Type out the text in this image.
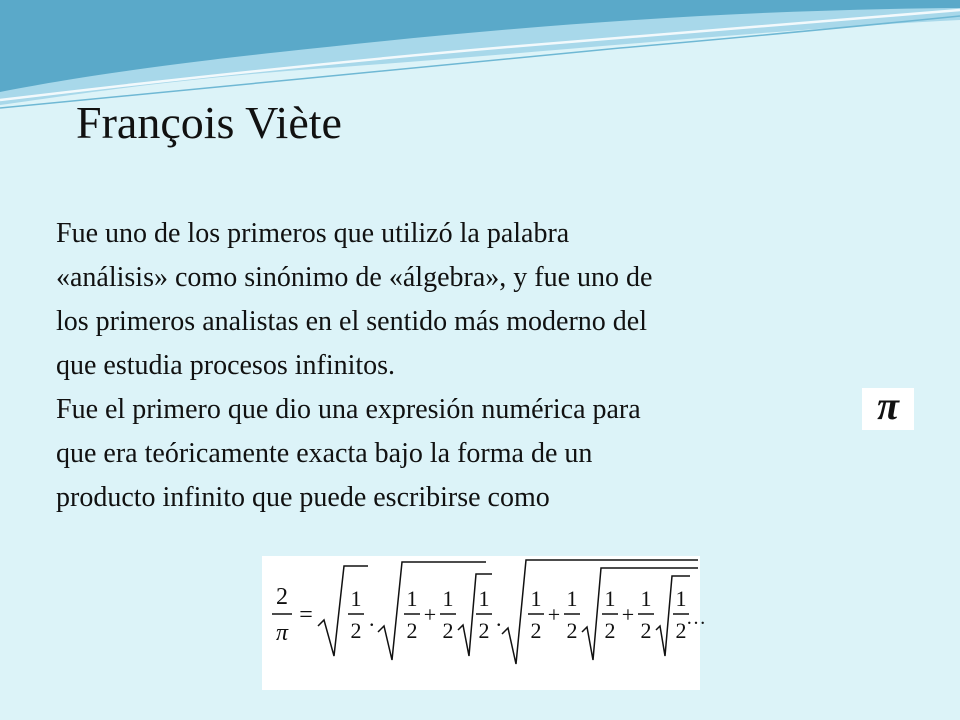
François Viète
Fue uno de los primeros que utilizó la palabra
«análisis» como sinónimo de «álgebra», y fue uno de
los primeros analistas en el sentido más moderno del
que estudia procesos infinitos.
Fue el primero que dio una expresión numérica para
que era teóricamente exacta bajo la forma de un
producto infinito que puede escribirse como
π
2
π
=
1
2 .
1
2
+
1
2
1
2 .
1
2
+
1
2
1
2
+
1
2
1
2 …
